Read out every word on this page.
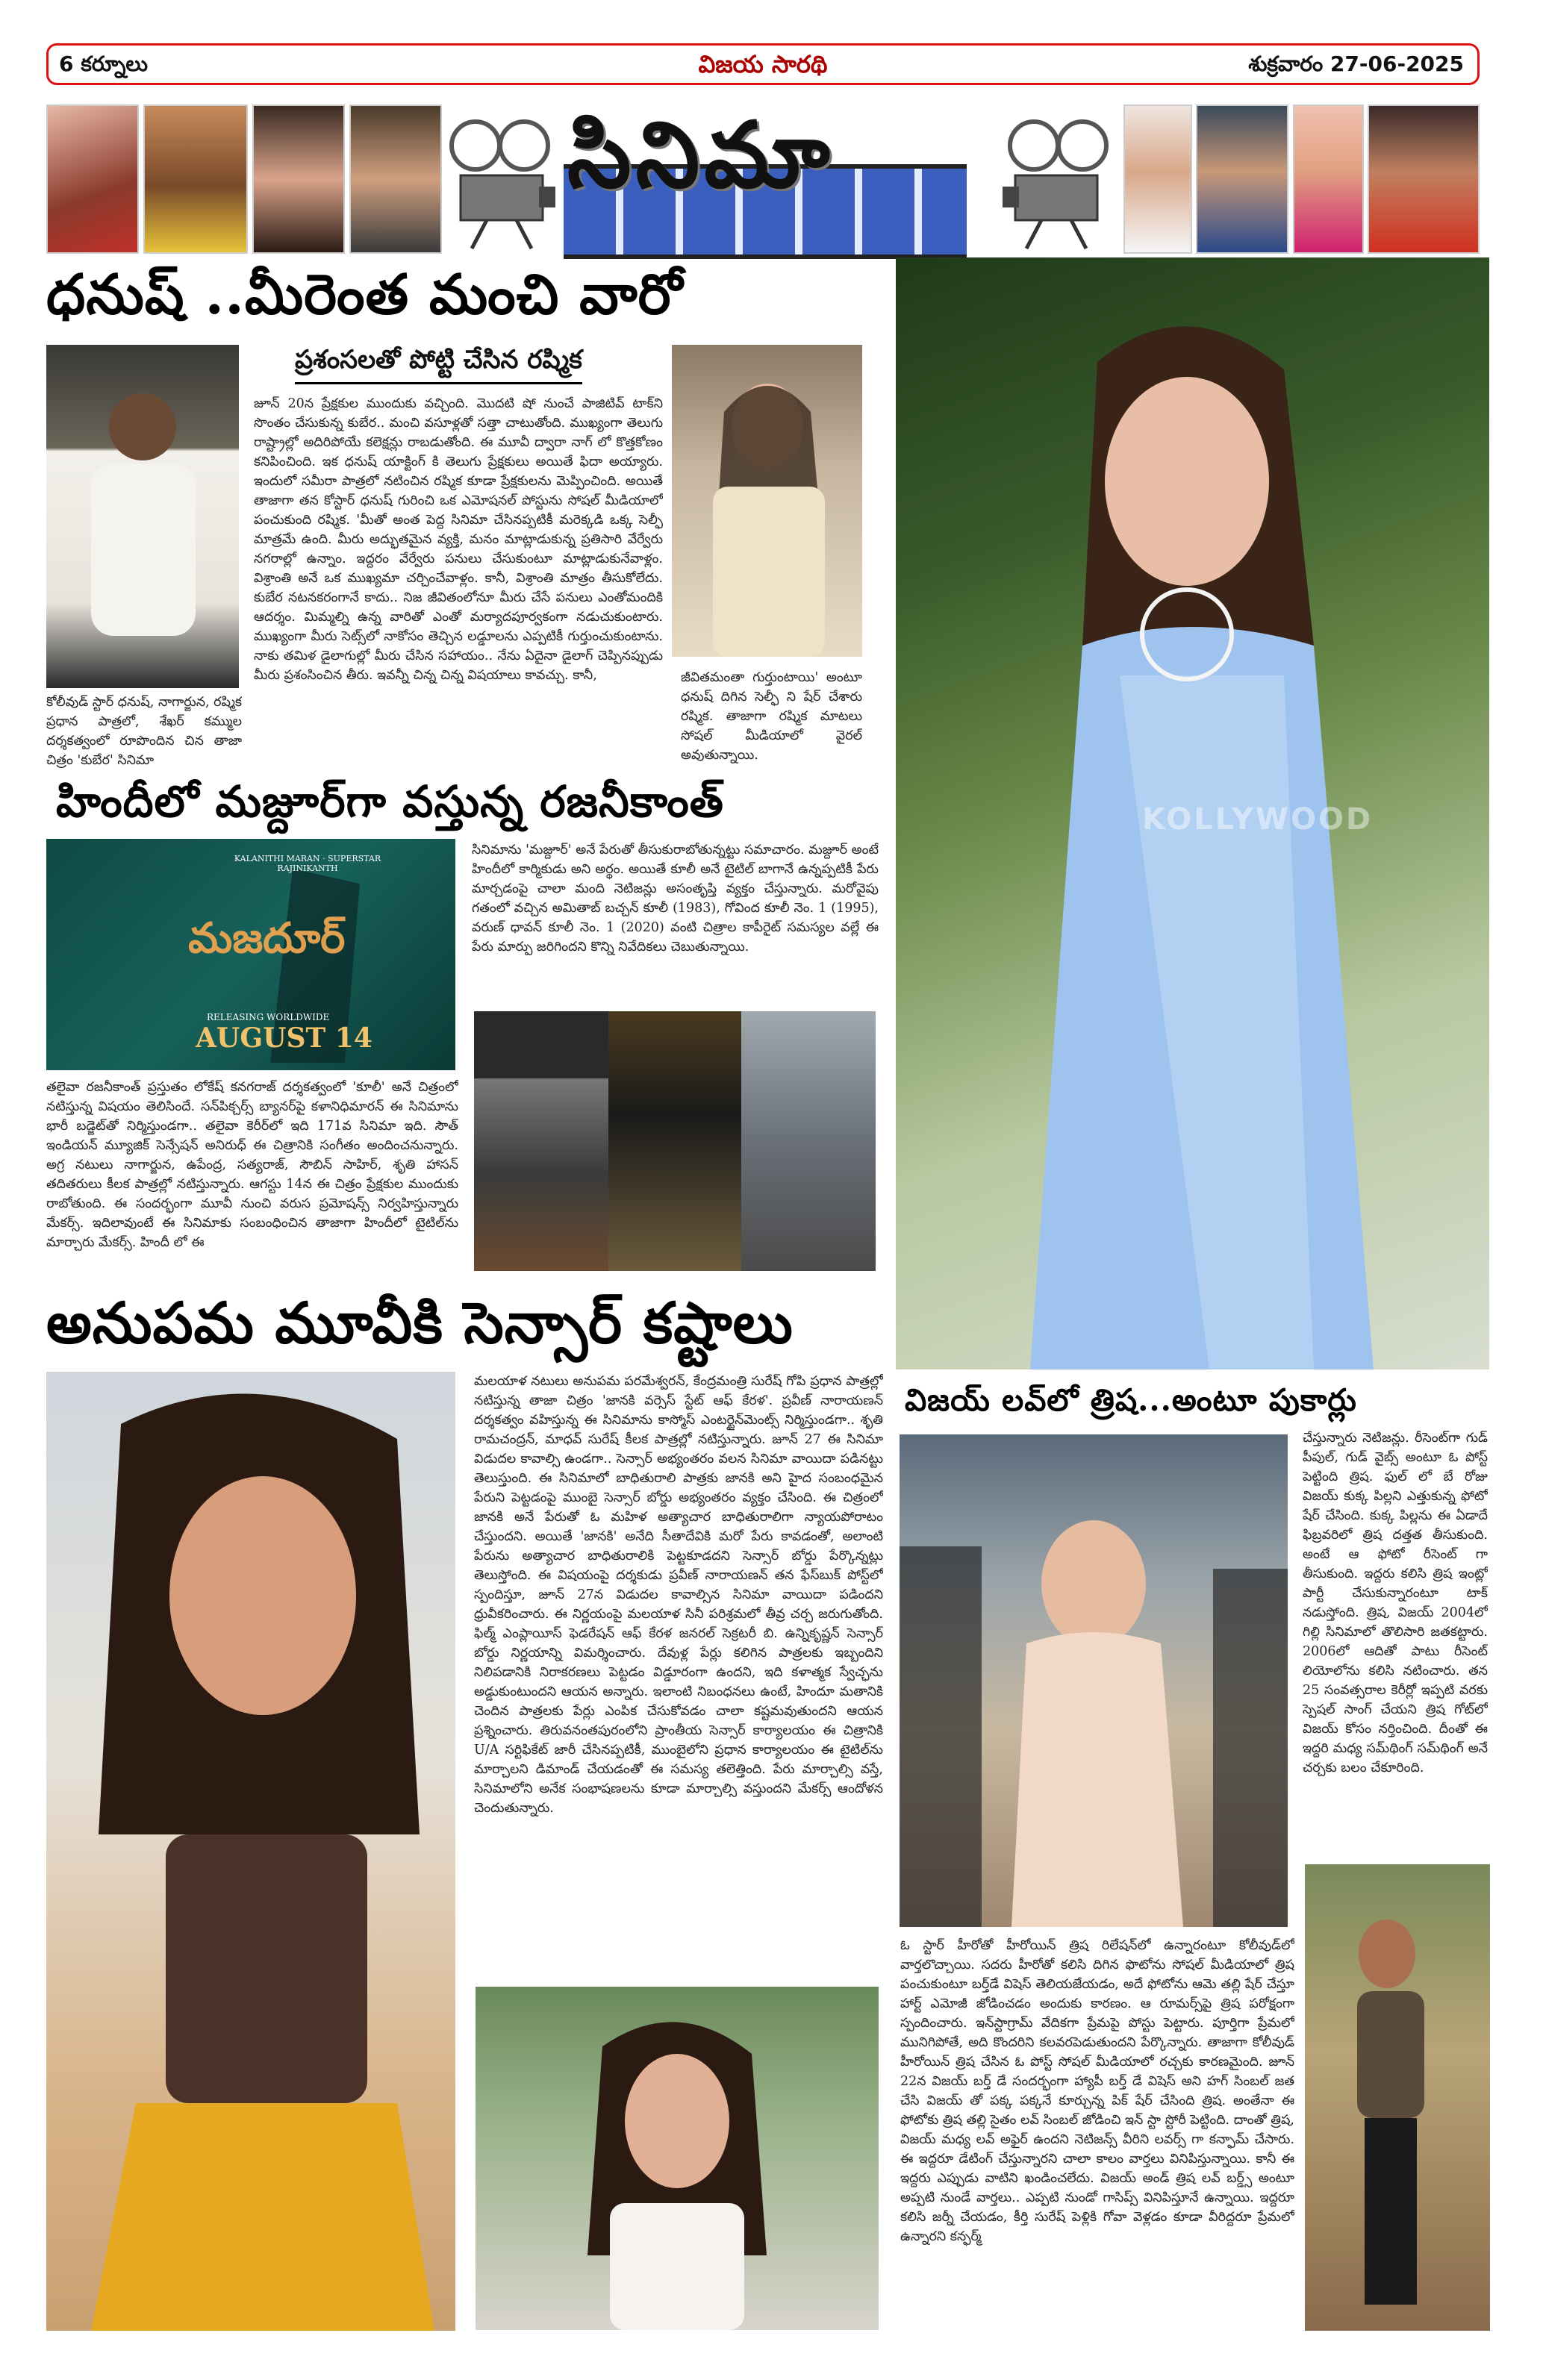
6 కర్నూలు	విజయ సారథి	శుక్రవారం 27-06-2025
సినిమా
ధనుష్ ..మీరెంత మంచి వారో
ప్రశంసలతో పోట్టి చేసిన రష్మిక
కోలీవుడ్ స్టార్ ధనుష్, నాగార్జున, రష్మిక ప్రధాన పాత్రలో, శేఖర్ కమ్ముల దర్శకత్వంలో రూపొందిన చిన తాజా చిత్రం 'కుబేర' సినిమా
జూన్ 20న ప్రేక్షకుల ముందుకు వచ్చింది. మొదటి షో నుంచే పాజిటివ్ టాక్‌ని సొంతం చేసుకున్న కుబేర.. మంచి వసూళ్లతో సత్తా చాటుతోంది. ముఖ్యంగా తెలుగు రాష్ట్రాల్లో అదిరిపోయే కలెక్షన్లు రాబడుతోంది. ఈ మూవీ ద్వారా నాగ్ లో కొత్తకోణం కనిపించింది. ఇక ధనుష్ యాక్టింగ్ కి తెలుగు ప్రేక్షకులు అయితే ఫిదా అయ్యారు. ఇందులో సమీరా పాత్రలో నటించిన రష్మిక కూడా ప్రేక్షకులను మెప్పించింది. అయితే తాజాగా తన కోస్టార్ ధనుష్ గురించి ఒక ఎమోషనల్ పోస్టును సోషల్ మీడియాలో పంచుకుంది రష్మిక. 'మీతో అంత పెద్ద సినిమా చేసినప్పటికీ మరెక్కడి ఒక్క సెల్ఫీ మాత్రమే ఉంది. మీరు అద్భుతమైన వ్యక్తి, మనం మాట్లాడుకున్న ప్రతిసారి వేర్వేరు నగరాల్లో ఉన్నాం. ఇద్దరం వేర్వేరు పనులు చేసుకుంటూ మాట్లాడుకునేవాళ్లం. విశ్రాంతి అనే ఒక ముఖ్యమా చర్చించేవాళ్లం. కానీ, విశ్రాంతి మాత్రం తీసుకోలేదు. కుబేర నటనకరంగానే కాదు.. నిజ జీవితంలోనూ మీరు చేసే పనులు ఎంతోమందికి ఆదర్శం. మిమ్మల్ని ఉన్న వారితో ఎంతో మర్యాదపూర్వకంగా నడుచుకుంటారు. ముఖ్యంగా మీరు సెట్స్‌లో నాకోసం తెచ్చిన లడ్డూలను ఎప్పటికీ గుర్తుంచుకుంటాను. నాకు తమిళ డైలాగుల్లో మీరు చేసిన సహాయం.. నేను ఏదైనా డైలాగ్ చెప్పినప్పుడు మీరు ప్రశంసించిన తీరు. ఇవన్నీ చిన్న చిన్న విషయాలు కావచ్చు. కానీ,	జీవితమంతా గుర్తుంటాయి' అంటూ ధనుష్ దిగిన సెల్ఫీ ని షేర్ చేశారు రష్మిక. తాజాగా రష్మిక మాటలు సోషల్ మీడియాలో వైరల్ అవుతున్నాయి.
హిందీలో మజ్దూర్‌గా వస్తున్న రజనీకాంత్
KALANITHI MARAN · SUPERSTAR RAJINIKANTH
మజదూర్
RELEASING WORLDWIDE
AUGUST 14
సినిమాను 'మజ్దూర్' అనే పేరుతో తీసుకురాబోతున్నట్టు సమాచారం. మజ్దూర్ అంటే హిందీలో కార్మికుడు అని అర్థం. అయితే కూలీ అనే టైటిల్ బాగానే ఉన్నప్పటికీ పేరు మార్చడంపై చాలా మంది నెటిజన్లు అసంతృప్తి వ్యక్తం చేస్తున్నారు. మరోవైపు గతంలో వచ్చిన అమితాబ్ బచ్చన్ కూలీ (1983), గోవింద కూలీ నెం. 1 (1995), వరుణ్ ధావన్ కూలీ నెం. 1 (2020) వంటి చిత్రాల కాపీరైట్ సమస్యల వల్లే ఈ పేరు మార్పు జరిగిందని కొన్ని నివేదికలు చెబుతున్నాయి.
తలైవా రజనీకాంత్ ప్రస్తుతం లోకేష్ కనగరాజ్ దర్శకత్వంలో 'కూలీ' అనే చిత్రంలో నటిస్తున్న విషయం తెలిసిందే. సన్‌పిక్చర్స్ బ్యానర్‌పై కళానిధిమారన్ ఈ సినిమాను భారీ బడ్జెట్‌తో నిర్మిస్తుండగా.. తలైవా కెరీర్‌లో ఇది 171వ సినిమా ఇది. సౌత్ ఇండియన్ మ్యూజిక్ సెన్సేషన్ అనిరుధ్ ఈ చిత్రానికి సంగీతం అందించనున్నారు. అగ్ర నటులు నాగార్జున, ఉపేంద్ర, సత్యరాజ్, సౌబిన్ సాహిర్, శృతి హాసన్ తదితరులు కీలక పాత్రల్లో నటిస్తున్నారు. ఆగస్టు 14న ఈ చిత్రం ప్రేక్షకుల ముందుకు రాబోతుంది. ఈ సందర్భంగా మూవీ నుంచి వరుస ప్రమోషన్స్ నిర్వహిస్తున్నారు మేకర్స్. ఇదిలావుంటే ఈ సినిమాకు సంబంధించిన తాజాగా హిందీలో టైటిల్‌ను మార్చారు మేకర్స్. హిందీ లో ఈ
KOLLYWOOD
అనుపమ మూవీకి సెన్సార్ కష్టాలు
మలయాళ నటులు అనుపమ పరమేశ్వరన్, కేంద్రమంత్రి సురేష్ గోపి ప్రధాన పాత్రల్లో నటిస్తున్న తాజా చిత్రం 'జానకి వర్సెస్ స్టేట్ ఆఫ్ కేరళ'. ప్రవీణ్ నారాయణన్ దర్శకత్వం వహిస్తున్న ఈ సినిమాను కాస్మోస్ ఎంటర్టైన్‌మెంట్స్ నిర్మిస్తుండగా.. శృతి రామచంద్రన్, మాధవ్ సురేష్ కీలక పాత్రల్లో నటిస్తున్నారు. జూన్ 27 ఈ సినిమా విడుదల కావాల్సి ఉండగా.. సెన్సార్ అభ్యంతరం వలన సినిమా వాయిదా పడినట్టు తెలుస్తుంది. ఈ సినిమాలో బాధితురాలి పాత్రకు జానకి అని హైద సంబంధమైన పేరుని పెట్టడంపై ముంబై సెన్సార్ బోర్డు అభ్యంతరం వ్యక్తం చేసింది. ఈ చిత్రంలో జానకి అనే పేరుతో ఓ మహిళ అత్యాచార బాధితురాలిగా న్యాయపోరాటం చేస్తుందని. అయితే 'జానకి' అనేది సీతాదేవికి మరో పేరు కావడంతో, అలాంటి పేరును అత్యాచార బాధితురాలికి పెట్టకూడదని సెన్సార్ బోర్డు పేర్కొన్నట్లు తెలుస్తోంది. ఈ విషయంపై దర్శకుడు ప్రవీణ్ నారాయణన్ తన ఫేస్‌బుక్ పోస్ట్‌లో స్పందిస్తూ, జూన్ 27న విడుదల కావాల్సిన సినిమా వాయిదా పడిందని ధ్రువీకరించారు. ఈ నిర్ణయంపై మలయాళ సినీ పరిశ్రమలో తీవ్ర చర్చ జరుగుతోంది. ఫిల్మ్ ఎంప్లాయీస్ ఫెడరేషన్ ఆఫ్ కేరళ జనరల్ సెక్రటరీ బి. ఉన్నికృష్ణన్ సెన్సార్ బోర్డు నిర్ణయాన్ని విమర్శించారు. దేవుళ్ల పేర్లు కలిగిన పాత్రలకు ఇబ్బందిని నిలిపడానికి నిరాకరణలు పెట్టడం విడ్డూరంగా ఉందని, ఇది కళాత్మక స్వేచ్ఛను అడ్డుకుంటుందని ఆయన అన్నారు. ఇలాంటి నిబంధనలు ఉంటే, హిందూ మతానికి చెందిన పాత్రలకు పేర్లు ఎంపిక చేసుకోవడం చాలా కష్టమవుతుందని ఆయన ప్రశ్నించారు. తిరువనంతపురంలోని ప్రాంతీయ సెన్సార్ కార్యాలయం ఈ చిత్రానికి U/A సర్టిఫికేట్ జారీ చేసినప్పటికీ, ముంబైలోని ప్రధాన కార్యాలయం ఈ టైటిల్‌ను మార్చాలని డిమాండ్ చేయడంతో ఈ సమస్య తలెత్తింది. పేరు మార్చాల్సి వస్తే, సినిమాలోని అనేక సంభాషణలను కూడా మార్చాల్సి వస్తుందని మేకర్స్ ఆందోళన చెందుతున్నారు.
విజయ్ లవ్‌లో త్రిష...అంటూ పుకార్లు
చేస్తున్నారు నెటిజన్లు. రీసెంట్‌గా గుడ్ పీపుల్, గుడ్ వైబ్స్ అంటూ ఓ పోస్ట్ పెట్టింది త్రిష. ఫుల్ లో బే రోజు విజయ్ కుక్క పిల్లని ఎత్తుకున్న ఫోటో షేర్ చేసింది. కుక్క పిల్లను ఈ ఏడాదే ఫిబ్రవరిలో త్రిష దత్తత తీసుకుంది. అంటే ఆ ఫోటో రీసెంట్ గా తీసుకుంది. ఇద్దరు కలిసి త్రిష ఇంట్లో పార్టీ చేసుకున్నారంటూ టాక్ నడుస్తోంది. త్రిష, విజయ్ 2004లో గిల్లి సినిమాలో తొలిసారి జతకట్టారు. 2006లో ఆదితో పాటు రీసెంట్ లియోలోను కలిసి నటించారు. తన 25 సంవత్సరాల కెరీర్లో ఇప్పటి వరకు స్పెషల్ సాంగ్ చేయని త్రిష గోట్‌లో విజయ్ కోసం నర్తించింది. దీంతో ఈ ఇద్దరి మధ్య సమ్‌థింగ్ సమ్‌థింగ్ అనే చర్చకు బలం చేకూరింది.
ఓ స్టార్ హీరోతో హీరోయిన్ త్రిష రిలేషన్‌లో ఉన్నారంటూ కోలీవుడ్‌లో వార్తలొచ్చాయి. సదరు హీరోతో కలిసి దిగిన ఫొటోను సోషల్ మీడియాలో త్రిష పంచుకుంటూ బర్త్‌డే విషెస్ తెలియజేయడం, అదే ఫోటోను ఆమె తల్లి షేర్ చేస్తూ హార్ట్ ఎమోజీ జోడించడం అందుకు కారణం. ఆ రూమర్స్‌పై త్రిష పరోక్షంగా స్పందించారు. ఇన్‌స్టాగ్రామ్ వేదికగా ప్రేమపై పోస్టు పెట్టారు. పూర్తిగా ప్రేమలో మునిగిపోతే, అది కొందరిని కలవరపెడుతుందని పేర్కొన్నారు. తాజాగా కోలీవుడ్ హీరోయిన్ త్రిష చేసిన ఓ పోస్ట్ సోషల్ మీడియాలో రచ్చకు కారణమైంది. జూన్ 22న విజయ్ బర్త్ డే సందర్భంగా హ్యాపీ బర్త్ డే విషెస్ అని హగ్ సింబల్ జత చేసి విజయ్ తో పక్క పక్కనే కూర్చున్న పిక్ షేర్ చేసింది త్రిష. అంతేనా ఈ ఫోటోకు త్రిష తల్లి సైతం లవ్ సింబల్ జోడించి ఇన్ స్టా స్టోరీ పెట్టింది. దాంతో త్రిష, విజయ్ మధ్య లవ్ అఫైర్ ఉందని నెటిజన్స్ వీరిని లవర్స్ గా కన్ఫామ్ చేసారు. ఈ ఇద్దరూ డేటింగ్ చేస్తున్నారని చాలా కాలం వార్తలు వినిపిస్తున్నాయి. కానీ ఈ ఇద్దరు ఎప్పుడు వాటిని ఖండించలేదు. విజయ్ అండ్ త్రిష లవ్ బర్డ్స్ అంటూ అప్పటి నుండే వార్తలు.. ఎప్పటి నుండో గాసిప్స్ వినిపిస్తూనే ఉన్నాయి. ఇద్దరూ కలిసి జర్నీ చేయడం, కీర్తి సురేష్ పెళ్లికి గోవా వెళ్లడం కూడా వీరిద్దరూ ప్రేమలో ఉన్నారని కన్ఫర్మ్
